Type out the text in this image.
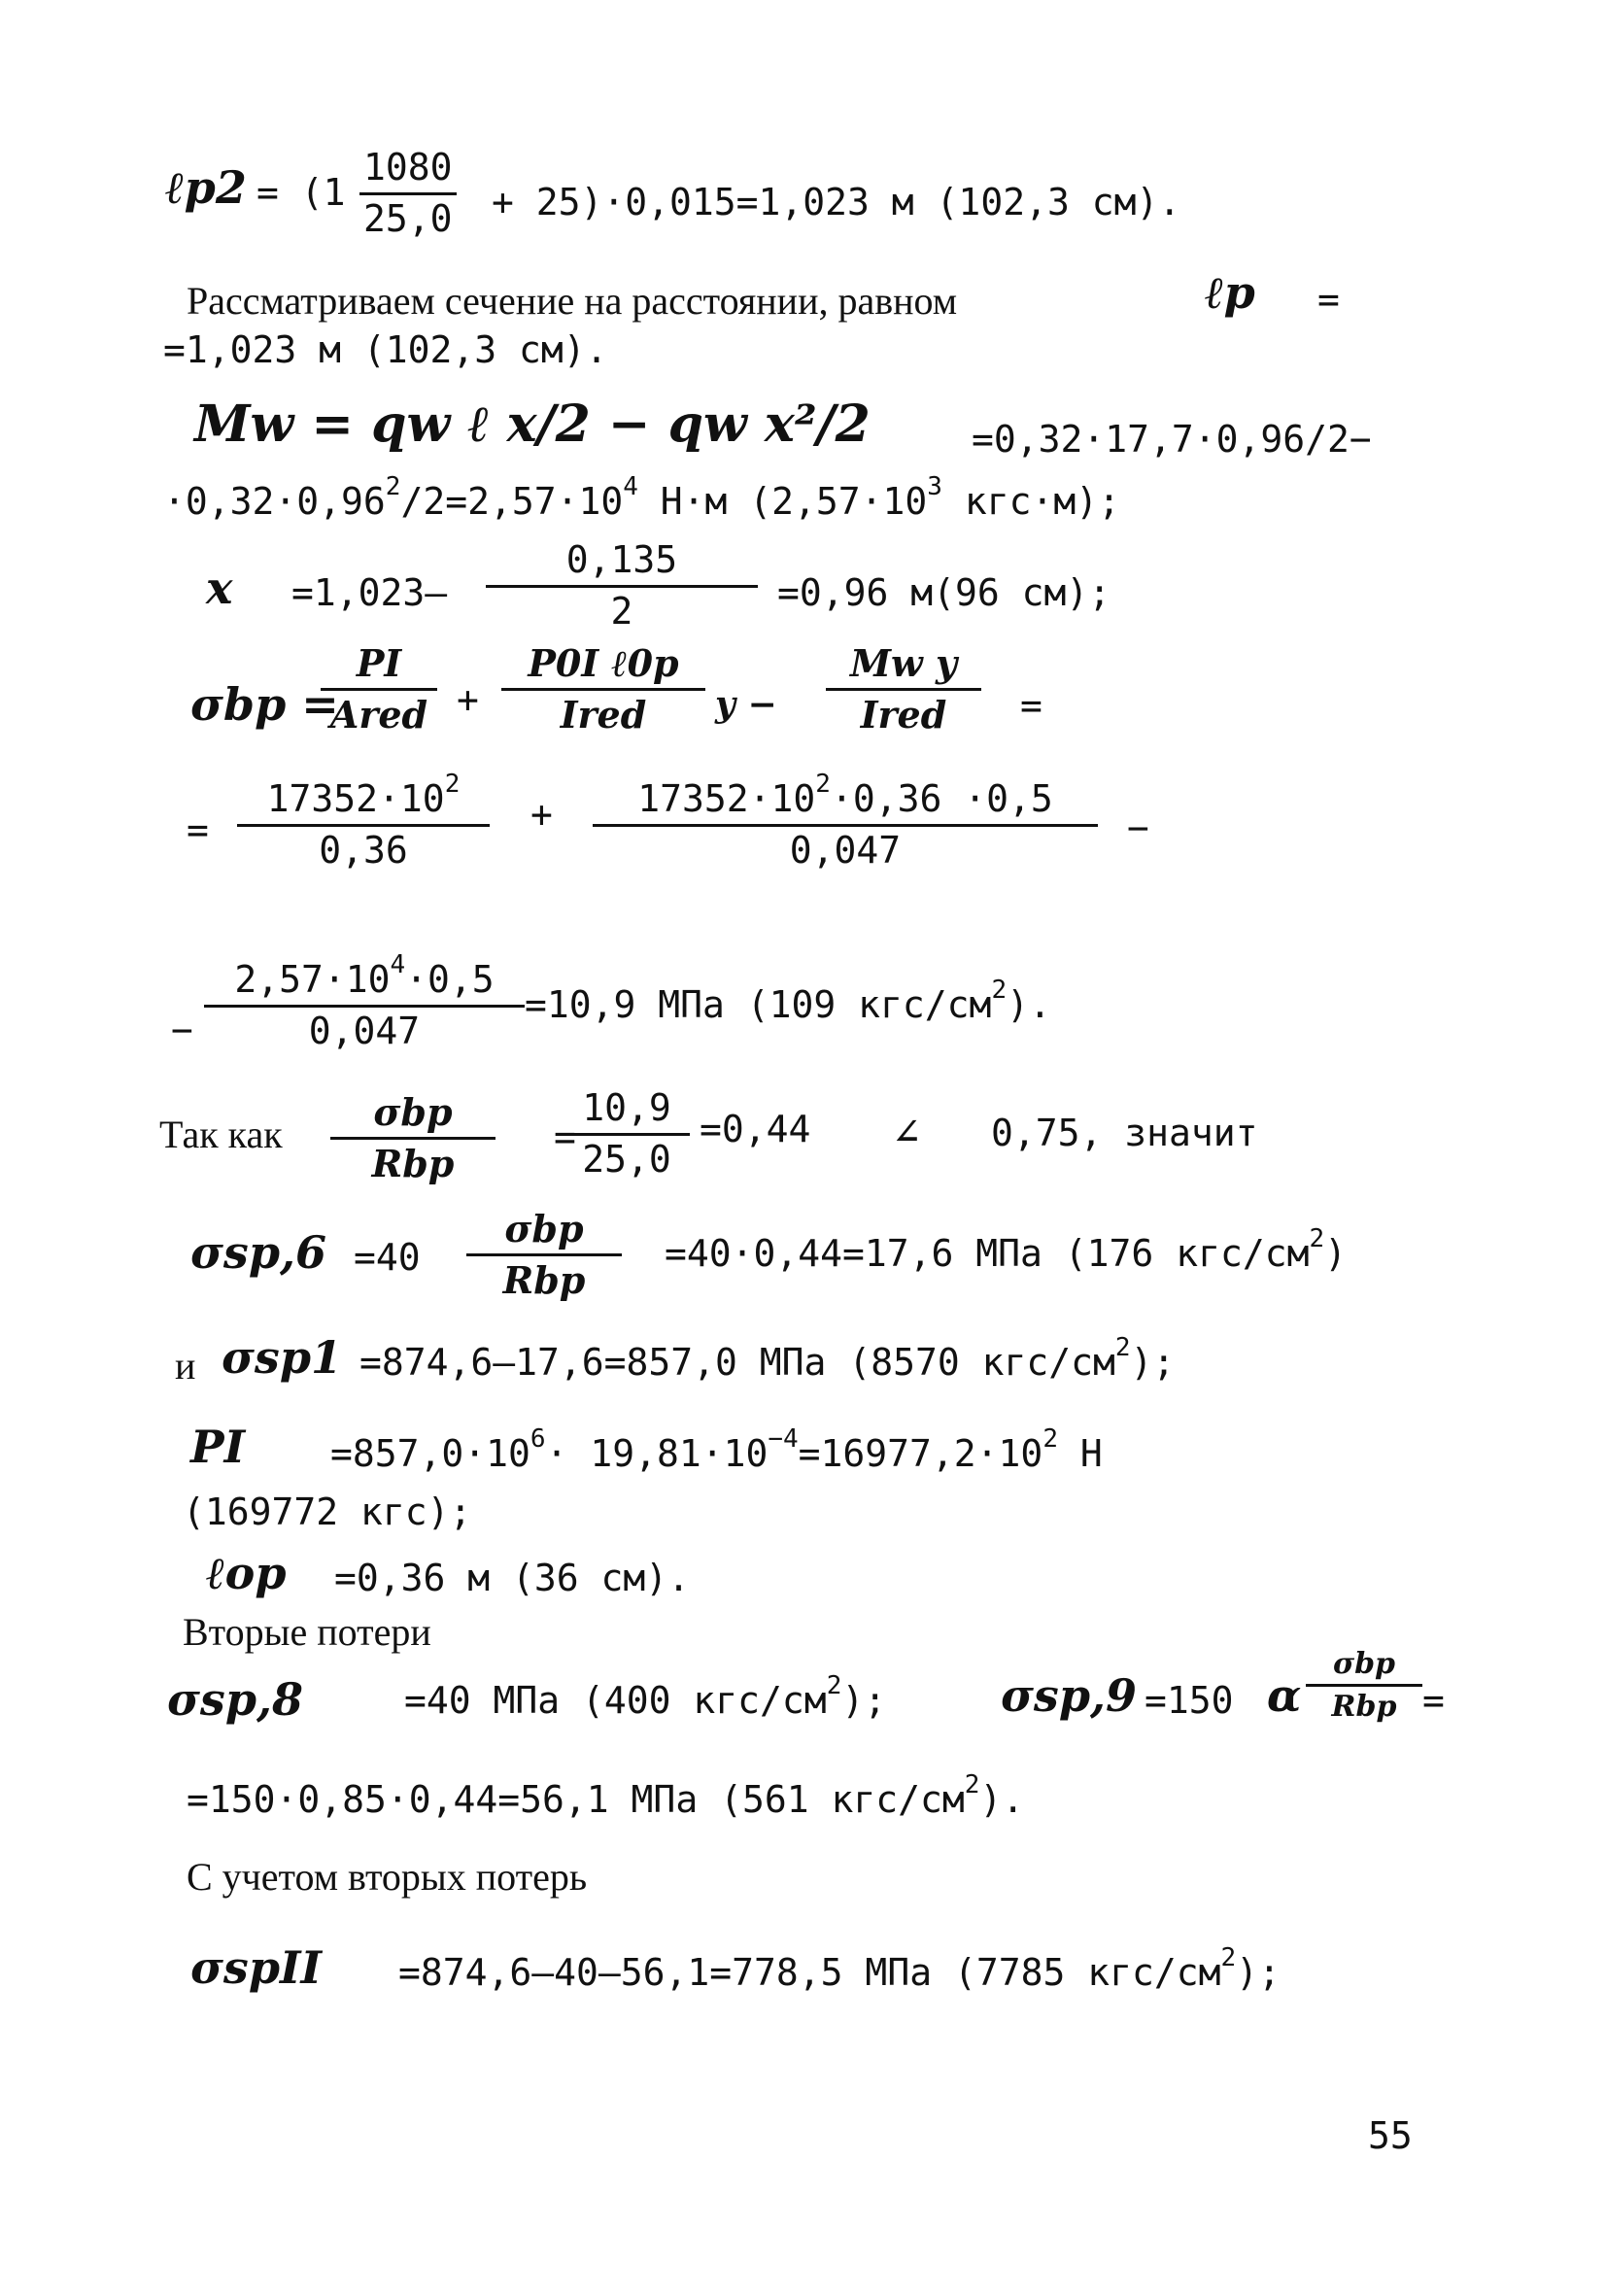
ℓp2 = $(1 \frac{1080}{25,0} + 25)\cdot 0,015=1,023$ м (102,3 см).
Рассматриваем сечение на расстоянии, равном	ℓp =
=1,023 м (102,3 см).
Mw = qw ℓ x/2 − qw x²/2	=0,32·17,7·0,96/2−
$\cdot 0,32\cdot 0,96^2/2=2,57\cdot 10^4$ Н·м ($2,57\cdot 10^3$ кгс·м);
$x =1,023- \frac{0,135}{2} =0,96$ м(96 см);
σbp =
PI
Ared +
P0I ℓ0p
Ired	y −
Mw y
Ired	=
= $\frac{17352\cdot 10^2}{0,36} + \frac{17352\cdot 10^2\cdot 0,36 \cdot 0,5}{0,047}$ −
− $\frac{2,57\cdot 10^4\cdot 0,5}{0,047} =10,9$ МПа (109 кгс/$см^2$).
Так как
σbp
Rbp
=
$\frac{10,9}{25,0} =0,44$ ∠ 0,75, значит
σsp,6 =40
σbp
Rbp
=40·0,44=17,6 МПа (176 кгс/$см^2$)
и σsp1 =874,6–17,6=857,0 МПа (8570 кгс/$см^2$);
PI $=857,0\cdot 10^6\cdot 19,81\cdot 10^{-4}=16977,2\cdot 10^2$ Н
(169772 кгс);
ℓop =0,36 м (36 см).
Вторые потери
σsp,8	=40 МПа (400 кгс/$см^2$);	σsp,9 =150 α
σbp
Rbp =
=150·0,85·0,44=56,1 МПа (561 кгс/$см^2$).
С учетом вторых потерь
σspII =874,6–40–56,1=778,5 МПа (7785 кгс/$см^2$);
55
